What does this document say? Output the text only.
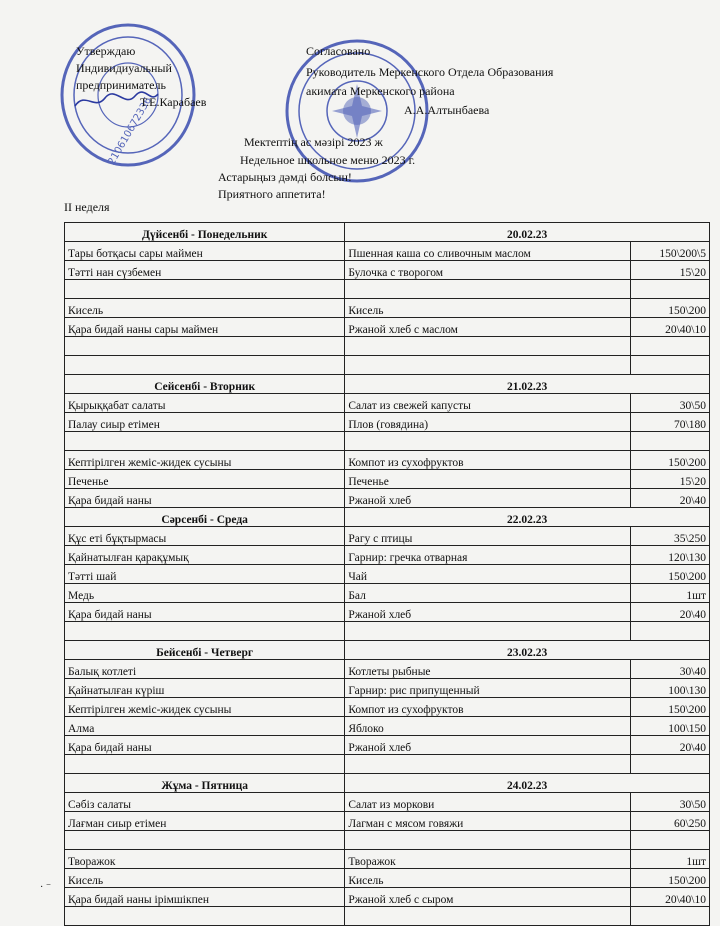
210610672336
Утверждаю
Индивидиуальный
предприниматель
Т.Е.Карабаев
Согласовано
Руководитель Меркенского Отдела Образования
акимата Меркенского района
А.А.Алтынбаева
Мектептің ас мәзірі 2023 ж
Недельное школьное меню 2023 г.
Астарыңыз дәмді болсын!
Приятного аппетита!
II неделя
Дүйсенбі - Понедельник	20.02.23	
Тары ботқасы сары маймен	Пшенная каша со сливочным маслом	150\200\5
Тәтті нан сүзбемен	Булочка с творогом	15\20

Кисель	Кисель	150\200
Қара бидай наны сары маймен	Ржаной хлеб с маслом	20\40\10

Сейсенбі - Вторник	21.02.23	
Қырыққабат салаты	Салат из свежей капусты	30\50
Палау сиыр етімен	Плов (говядина)	70\180

Кептірілген жеміс-жидек сусыны	Компот из сухофруктов	150\200
Печенье	Печенье	15\20
Қара бидай наны	Ржаной хлеб	20\40
Сәрсенбі - Среда	22.02.23	
Құс еті бұқтырмасы	Рагу с птицы	35\250
Қайнатылған қарақұмық	Гарнир: гречка отварная	120\130
Тәтті шай	Чай	150\200
Медь	Бал	1шт
Қара бидай наны	Ржаной хлеб	20\40

Бейсенбі - Четверг	23.02.23	
Балық котлеті	Котлеты рыбные	30\40
Қайнатылған күріш	Гарнир: рис припущенный	100\130
Кептірілген жеміс-жидек сусыны	Компот из сухофруктов	150\200
Алма	Яблоко	100\150
Қара бидай наны	Ржаной хлеб	20\40

Жұма - Пятница	24.02.23	
Сәбіз салаты	Салат из моркови	30\50
Лағман сиыр етімен	Лагман с мясом говяжи	60\250

Творажок	Творажок	1шт
Кисель	Кисель	150\200
Қара бидай наны ірімшікпен	Ржаной хлеб с сыром	20\40\10

· ⁻
